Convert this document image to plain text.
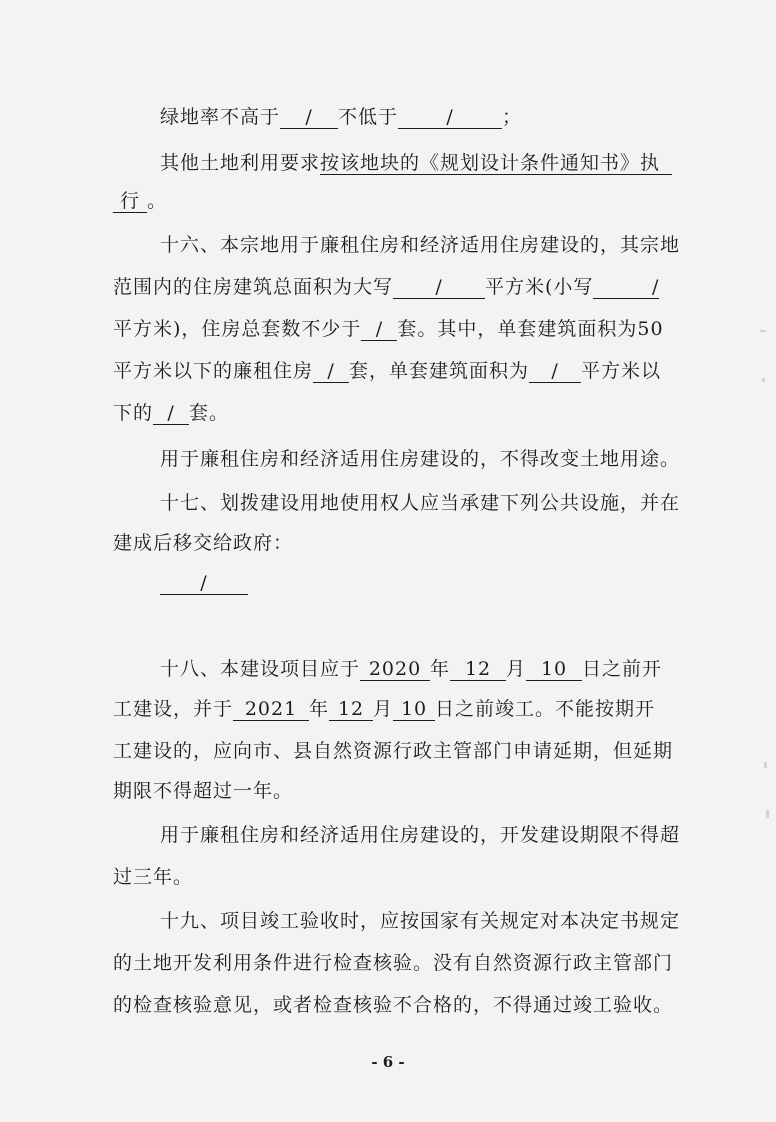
绿地率不高于 / 不低于	/	；
其他土地利用要求按该地块的《规划设计条件通知书》执
行 。
十六、本宗地用于廉租住房和经济适用住房建设的，其宗地
范围内的住房建筑总面积为大写 / 平方米(小写	/
平方米)，住房总套数不少于 / 套。其中，单套建筑面积为50
平方米以下的廉租住房 / 套，单套建筑面积为 / 平方米以
下的 / 套。
用于廉租住房和经济适用住房建设的，不得改变土地用途。
十七、划拨建设用地使用权人应当承建下列公共设施，并在
建成后移交给政府：
/
十八、本建设项目应于 2020 年 12 月 10 日之前开
工建设，并于 2021 年 12 月 10 日之前竣工。不能按期开
工建设的，应向市、县自然资源行政主管部门申请延期，但延期
期限不得超过一年。
用于廉租住房和经济适用住房建设的，开发建设期限不得超
过三年。
十九、项目竣工验收时，应按国家有关规定对本决定书规定
的土地开发利用条件进行检查核验。没有自然资源行政主管部门
的检查核验意见，或者检查核验不合格的，不得通过竣工验收。
- 6 -
